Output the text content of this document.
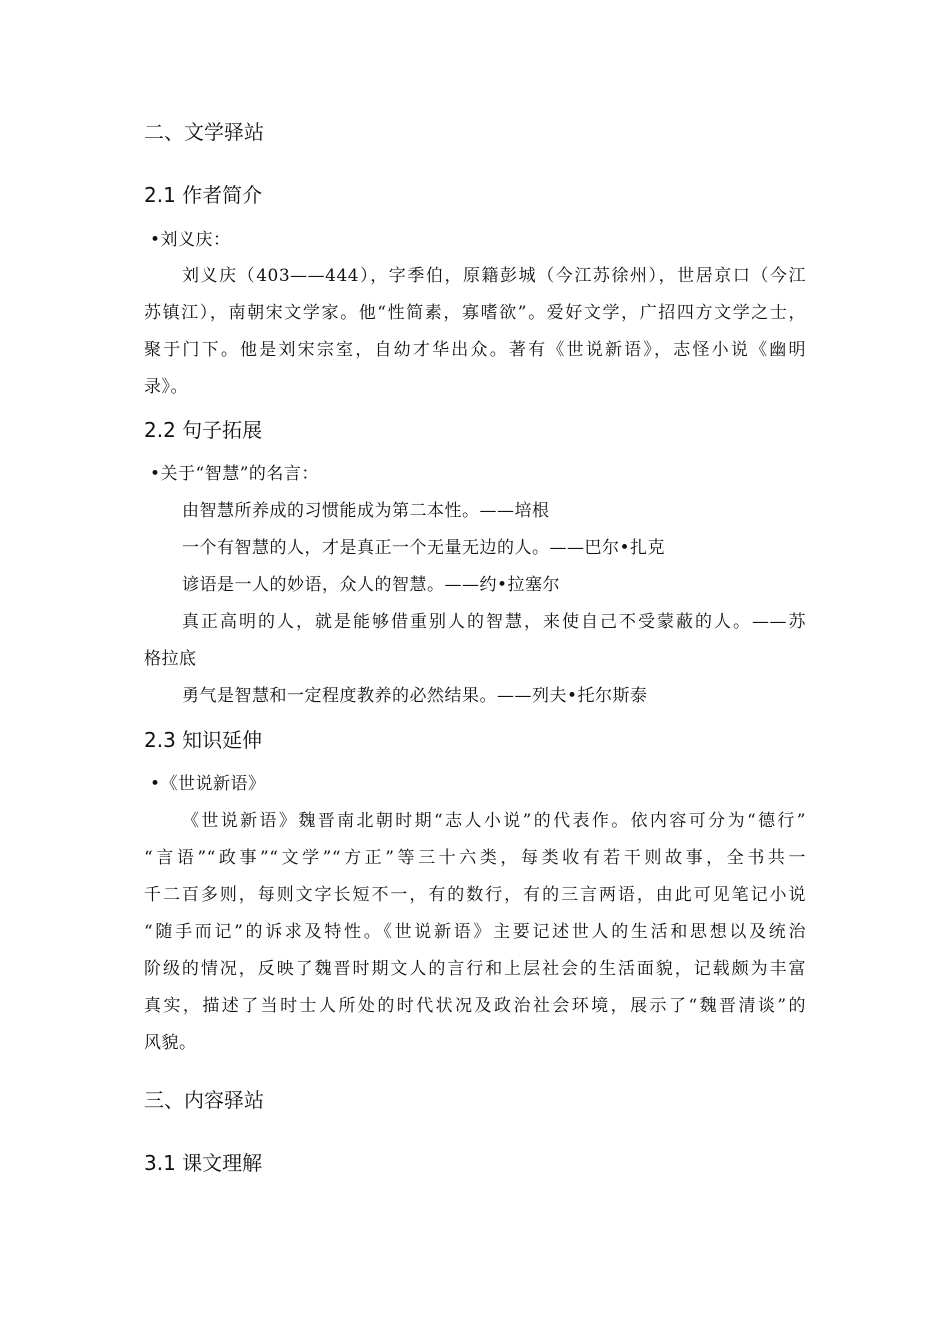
二、文学驿站
2.1 作者简介
•刘义庆：
刘义庆（403——444），字季伯，原籍彭城（今江苏徐州），世居京口（今江
苏镇江），南朝宋文学家。他“性简素，寡嗜欲”。爱好文学，广招四方文学之士，
聚于门下。他是刘宋宗室，自幼才华出众。著有《世说新语》，志怪小说《幽明
录》。
2.2 句子拓展
•关于“智慧”的名言：
由智慧所养成的习惯能成为第二本性。——培根
一个有智慧的人，才是真正一个无量无边的人。——巴尔•扎克
谚语是一人的妙语，众人的智慧。——约•拉塞尔
真正高明的人，就是能够借重别人的智慧，来使自己不受蒙蔽的人。——苏
格拉底
勇气是智慧和一定程度教养的必然结果。——列夫•托尔斯泰
2.3 知识延伸
•《世说新语》
《世说新语》魏晋南北朝时期“志人小说”的代表作。依内容可分为“德行”
“言语”“政事”“文学”“方正”等三十六类，每类收有若干则故事，全书共一
千二百多则，每则文字长短不一，有的数行，有的三言两语，由此可见笔记小说
“随手而记”的诉求及特性。《世说新语》主要记述世人的生活和思想以及统治
阶级的情况，反映了魏晋时期文人的言行和上层社会的生活面貌，记载颇为丰富
真实，描述了当时士人所处的时代状况及政治社会环境，展示了“魏晋清谈”的
风貌。
三、内容驿站
3.1 课文理解
